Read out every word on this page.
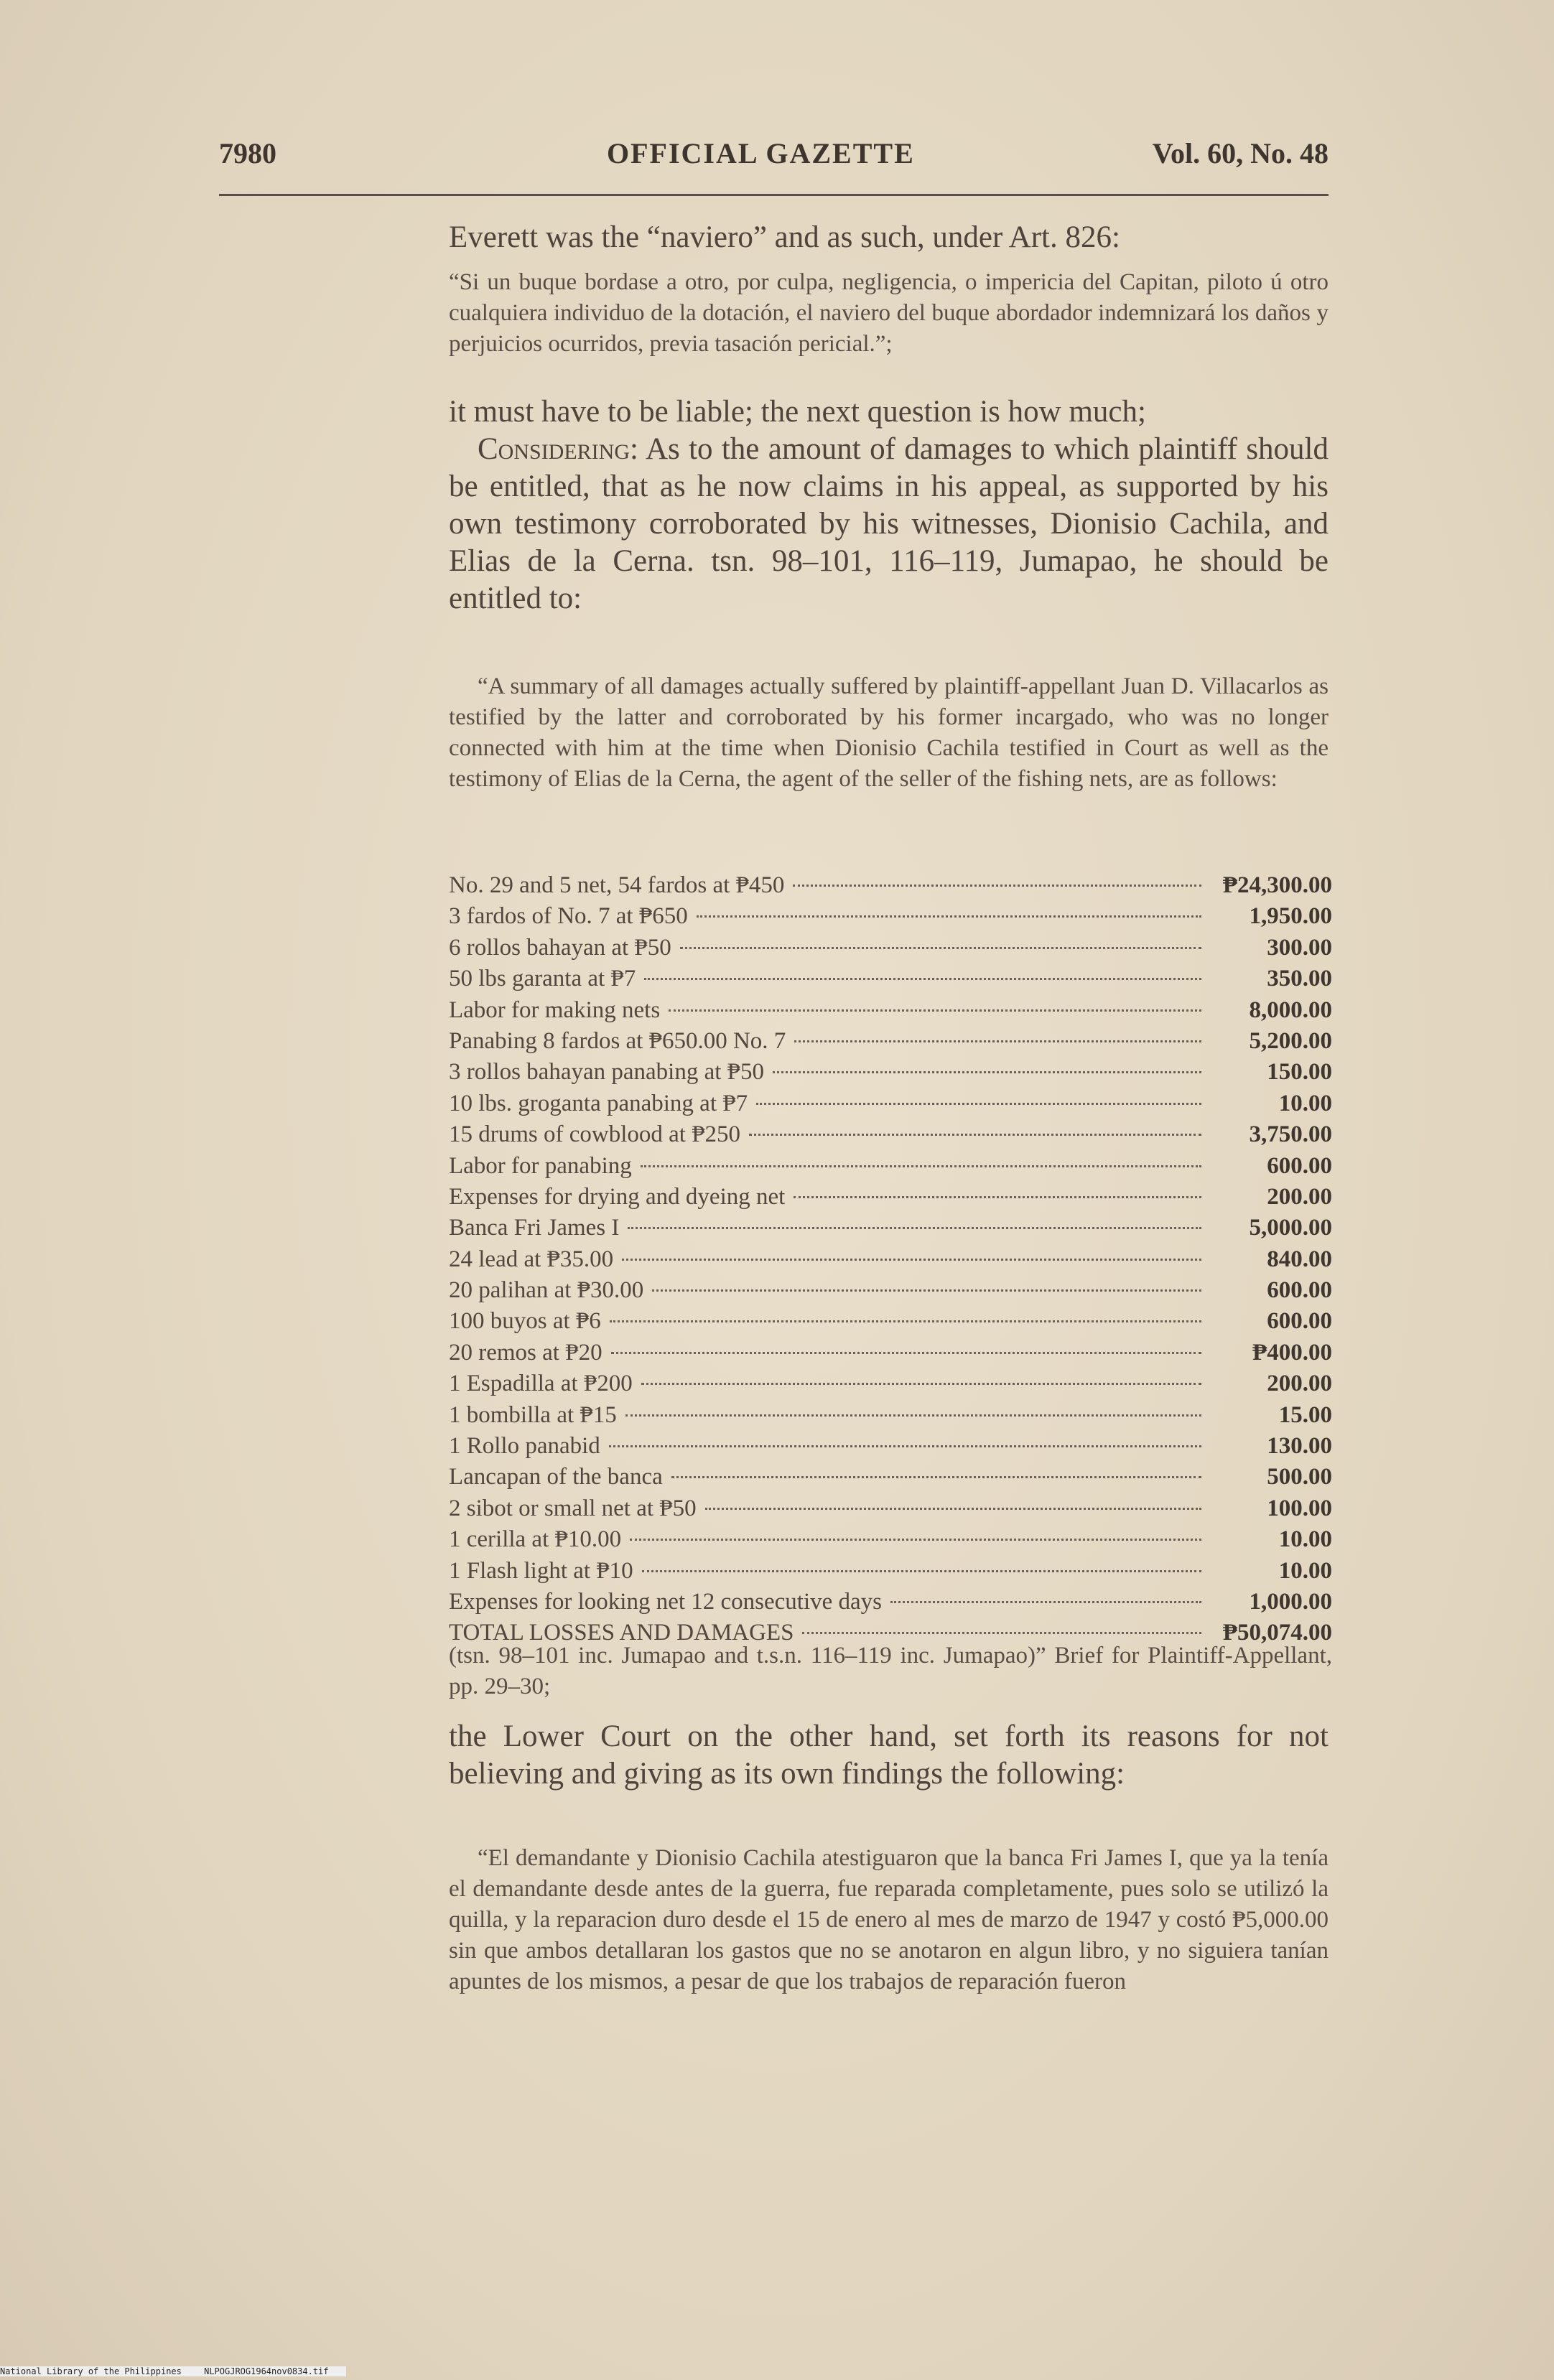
7980	OFFICIAL GAZETTE	Vol. 60, No. 48

Everett was the “naviero” and as such, under Art. 826:

“Si un buque bordase a otro, por culpa, negligencia, o impericia del Capitan, piloto ú otro cualquiera individuo de la dotación, el naviero del buque abordador indemnizará los daños y perjuicios ocurridos, previa tasación pericial.”;

it must have to be liable; the next question is how much;

Considering: As to the amount of damages to which plaintiff should be entitled, that as he now claims in his appeal, as supported by his own testimony corroborated by his witnesses, Dionisio Cachila, and Elias de la Cerna. tsn. 98–101, 116–119, Jumapao, he should be entitled to:

“A summary of all damages actually suffered by plaintiff-appellant Juan D. Villacarlos as testified by the latter and corroborated by his former incargado, who was no longer connected with him at the time when Dionisio Cachila testified in Court as well as the testimony of Elias de la Cerna, the agent of the seller of the fishing nets, are as follows:

No. 29 and 5 net, 54 fardos at ₱450	₱24,300.00
3 fardos of No. 7 at ₱650	1,950.00
6 rollos bahayan at ₱50	300.00
50 lbs garanta at ₱7	350.00
Labor for making nets	8,000.00
Panabing 8 fardos at ₱650.00 No. 7	5,200.00
3 rollos bahayan panabing at ₱50	150.00
10 lbs. groganta panabing at ₱7	10.00
15 drums of cowblood at ₱250	3,750.00
Labor for panabing	600.00
Expenses for drying and dyeing net	200.00
Banca Fri James I	5,000.00
24 lead at ₱35.00	840.00
20 palihan at ₱30.00	600.00
100 buyos at ₱6	600.00
20 remos at ₱20	₱400.00
1 Espadilla at ₱200	200.00
1 bombilla at ₱15	15.00
1 Rollo panabid	130.00
Lancapan of the banca	500.00
2 sibot or small net at ₱50	100.00
1 cerilla at ₱10.00	10.00
1 Flash light at ₱10	10.00
Expenses for looking net 12 consecutive days	1,000.00
TOTAL LOSSES AND DAMAGES	₱50,074.00

(tsn. 98–101 inc. Jumapao and t.s.n. 116–119 inc. Jumapao)” Brief for Plaintiff-Appellant, pp. 29–30;

the Lower Court on the other hand, set forth its reasons for not believing and giving as its own findings the following:

“El demandante y Dionisio Cachila atestiguaron que la banca Fri James I, que ya la tenía el demandante desde antes de la guerra, fue reparada completamente, pues solo se utilizó la quilla, y la reparacion duro desde el 15 de enero al mes de marzo de 1947 y costó ₱5,000.00 sin que ambos detallaran los gastos que no se anotaron en algun libro, y no siguiera tanían apuntes de los mismos, a pesar de que los trabajos de reparación fueron

National Library of the Philippines	NLPOGJROG1964nov0834.tif
